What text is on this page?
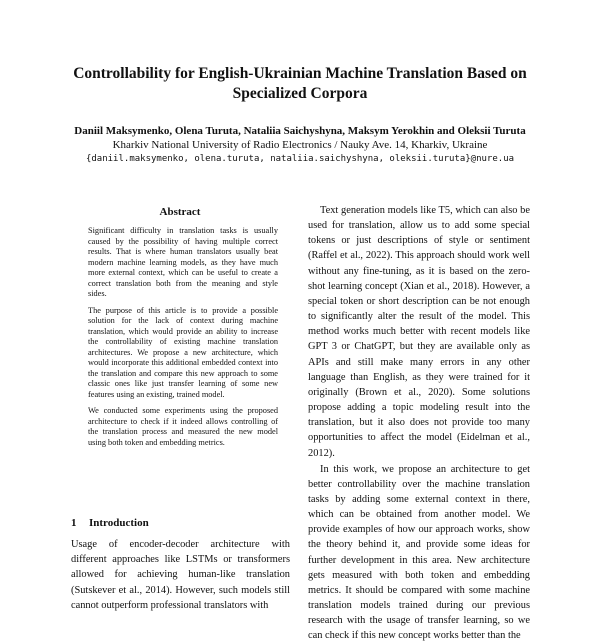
Controllability for English-Ukrainian Machine Translation Based on
Specialized Corpora
Daniil Maksymenko, Olena Turuta, Nataliia Saichyshyna, Maksym Yerokhin and Oleksii Turuta
Kharkiv National University of Radio Electronics / Nauky Ave. 14, Kharkiv, Ukraine
{daniil.maksymenko, olena.turuta, nataliia.saichyshyna, oleksii.turuta}@nure.ua
Abstract

Significant difficulty in translation tasks is usually caused by the possibility of having multiple correct results. That is where human translators usually beat modern machine learning models, as they have much more external context, which can be useful to create a correct translation both from the meaning and style sides.

The purpose of this article is to provide a possible solution for the lack of context during machine translation, which would provide an ability to increase the controllability of existing machine translation architectures. We propose a new architecture, which would incorporate this additional embedded context into the translation and compare this new approach to some classic ones like just transfer learning of some new features using an existing, trained model.

We conducted some experiments using the proposed architecture to check if it indeed allows controlling of the translation process and measured the new model using both token and embedding metrics.

1 Introduction

Usage of encoder-decoder architecture with different approaches like LSTMs or transformers allowed for achieving human-like translation (Sutskever et al., 2014). However, such models still cannot outperform professional translators with

Text generation models like T5, which can also be used for translation, allow us to add some special tokens or just descriptions of style or sentiment (Raffel et al., 2022). This approach should work well without any fine-tuning, as it is based on the zero-shot learning concept (Xian et al., 2018). However, a special token or short description can be not enough to significantly alter the result of the model. This method works much better with recent models like GPT 3 or ChatGPT, but they are available only as APIs and still make many errors in any other language than English, as they were trained for it originally (Brown et al., 2020). Some solutions propose adding a topic modeling result into the translation, but it also does not provide too many opportunities to affect the model (Eidelman et al., 2012).

In this work, we propose an architecture to get better controllability over the machine translation tasks by adding some external context in there, which can be obtained from another model. We provide examples of how our approach works, show the theory behind it, and provide some ideas for further development in this area. New architecture gets measured with both token and embedding metrics. It should be compared with some machine translation models trained during our previous research with the usage of transfer learning, so we can check if this new concept works better than the
